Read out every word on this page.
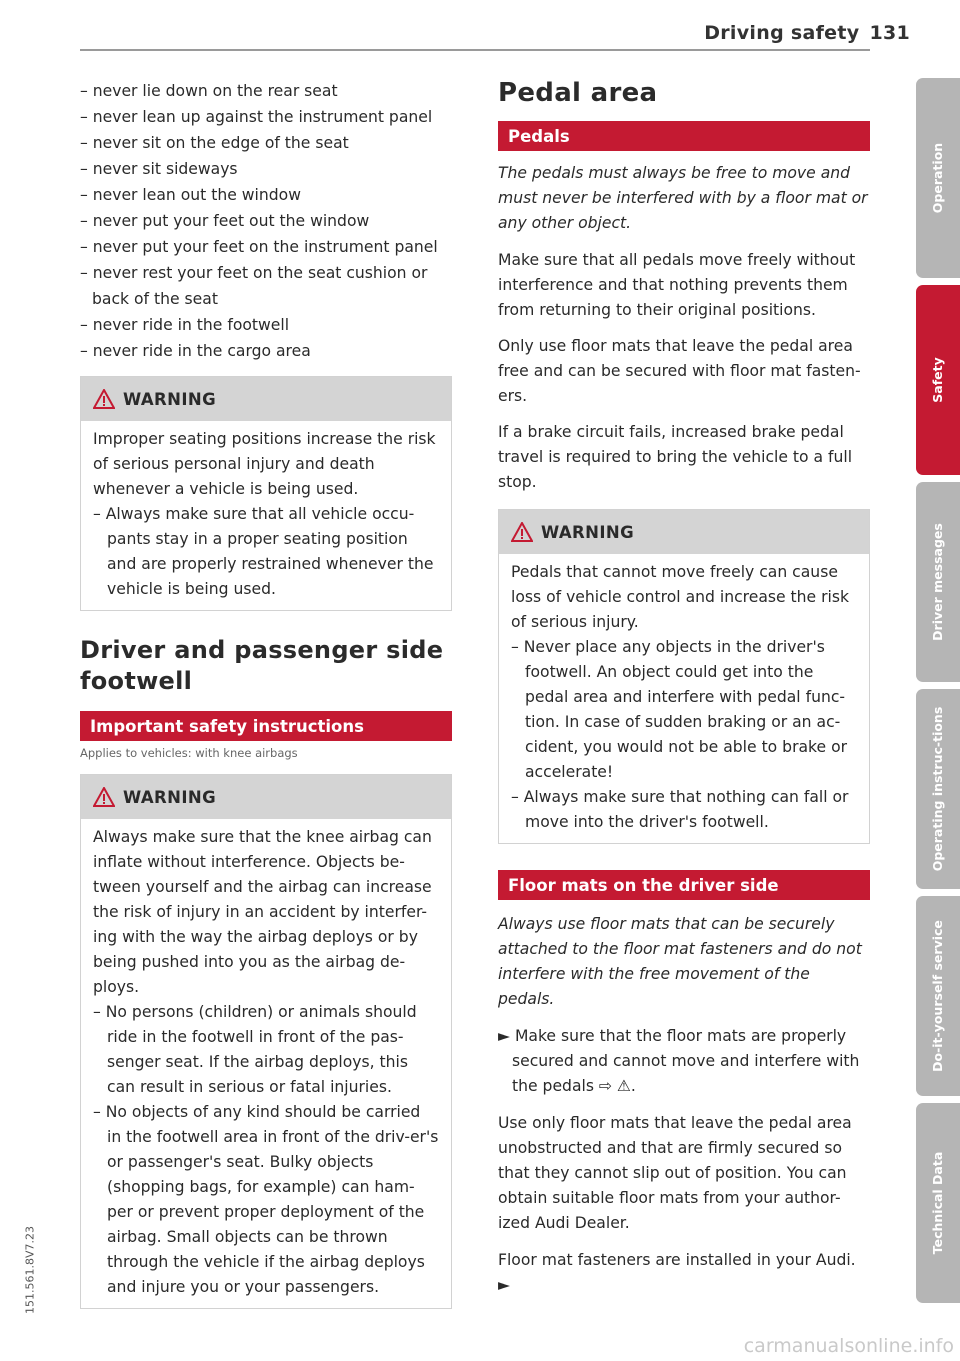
Driving safety 131
– never lie down on the rear seat
– never lean up against the instrument panel
– never sit on the edge of the seat
– never sit sideways
– never lean out the window
– never put your feet out the window
– never put your feet on the instrument panel
– never rest your feet on the seat cushion or back of the seat
– never ride in the footwell
– never ride in the cargo area
WARNING

Improper seating positions increase the risk of serious personal injury and death whenever a vehicle is being used.

– Always make sure that all vehicle occu-pants stay in a proper seating position and are properly restrained whenever the vehicle is being used.
Driver and passenger side footwell
Important safety instructions

Applies to vehicles: with knee airbags

WARNING

Always make sure that the knee airbag can inflate without interference. Objects be-tween yourself and the airbag can increase the risk of injury in an accident by interfer-ing with the way the airbag deploys or by being pushed into you as the airbag de-ploys.

– No persons (children) or animals should ride in the footwell in front of the pas-senger seat. If the airbag deploys, this can result in serious or fatal injuries.
– No objects of any kind should be carried in the footwell area in front of the driv-er's or passenger's seat. Bulky objects (shopping bags, for example) can ham-per or prevent proper deployment of the airbag. Small objects can be thrown through the vehicle if the airbag deploys and injure you or your passengers.
Pedal area
Pedals

The pedals must always be free to move and must never be interfered with by a floor mat or any other object.

Make sure that all pedals move freely without interference and that nothing prevents them from returning to their original positions.

Only use floor mats that leave the pedal area free and can be secured with floor mat fasten-ers.

If a brake circuit fails, increased brake pedal travel is required to bring the vehicle to a full stop.

WARNING

Pedals that cannot move freely can cause loss of vehicle control and increase the risk of serious injury.

– Never place any objects in the driver's footwell. An object could get into the pedal area and interfere with pedal func-tion. In case of sudden braking or an ac-cident, you would not be able to brake or accelerate!
– Always make sure that nothing can fall or move into the driver's footwell.
Floor mats on the driver side

Always use floor mats that can be securely attached to the floor mat fasteners and do not interfere with the free movement of the pedals.

► Make sure that the floor mats are properly secured and cannot move and interfere with the pedals ⇨ ⚠.

Use only floor mats that leave the pedal area unobstructed and that are firmly secured so that they cannot slip out of position. You can obtain suitable floor mats from your author-ized Audi Dealer.

Floor mat fasteners are installed in your Audi. ►

Operation
Safety
Driver messages
Operating instruc-tions
Do-it-yourself service
Technical Data
151.561.8V7.23
carmanualsonline.info
